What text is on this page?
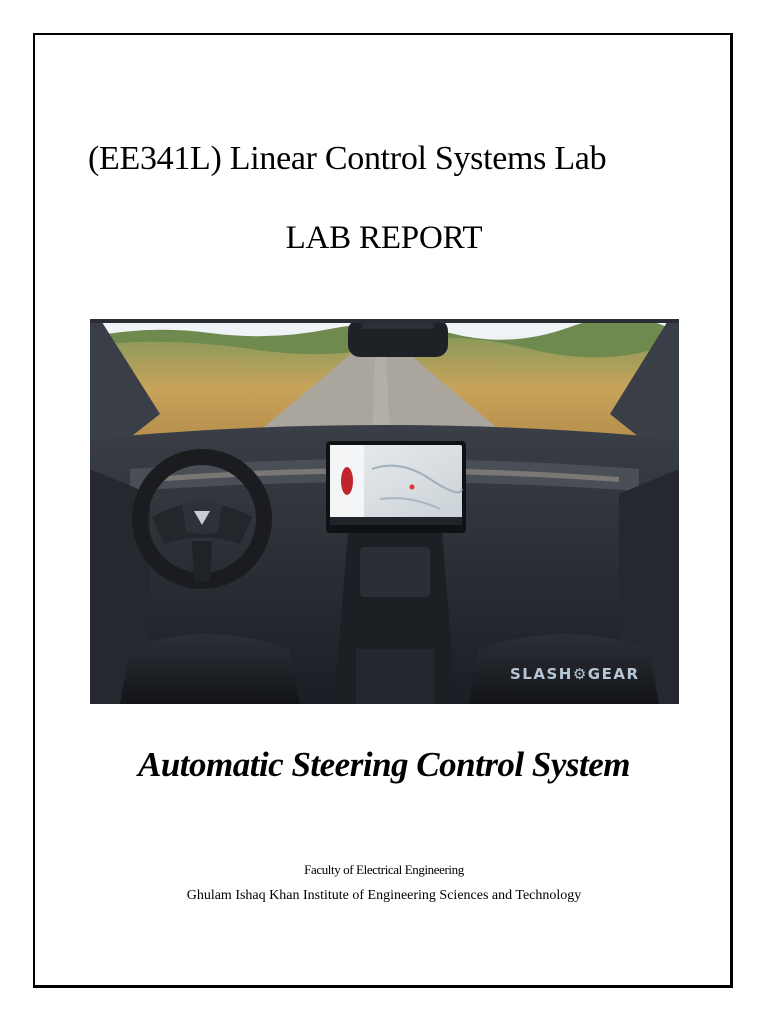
(EE341L) Linear Control Systems Lab
LAB REPORT
SLASH⚙GEAR
Automatic Steering Control System
Faculty of Electrical Engineering
Ghulam Ishaq Khan Institute of Engineering Sciences and Technology
